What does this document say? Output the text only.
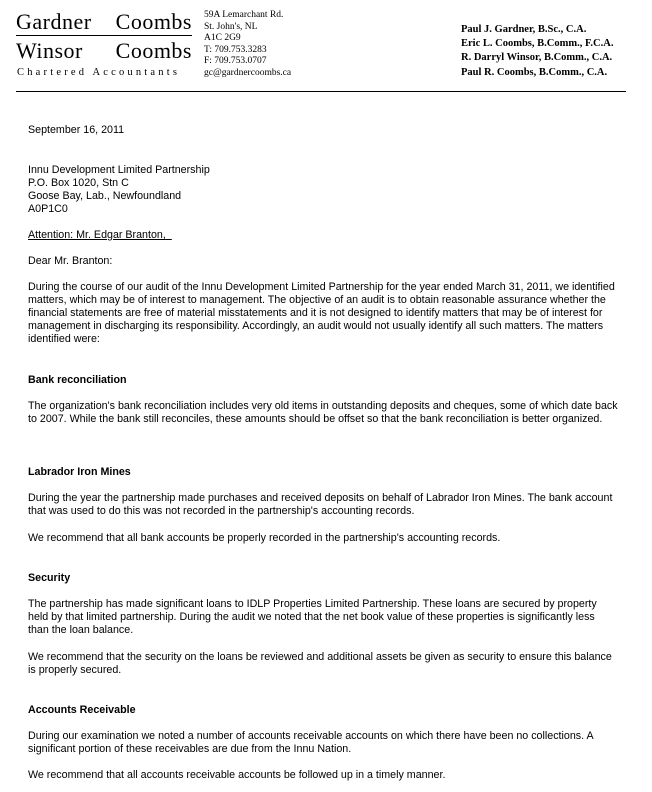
Gardner Coombs
Winsor Coombs
Chartered Accountants
59A Lemarchant Rd.
St. John's, NL
A1C 2G9
T: 709.753.3283
F: 709.753.0707
gc@gardnercoombs.ca
Paul J. Gardner, B.Sc., C.A.
Eric L. Coombs, B.Comm., F.C.A.
R. Darryl Winsor, B.Comm., C.A.
Paul R. Coombs, B.Comm., C.A.
September 16, 2011
Innu Development Limited Partnership
P.O. Box 1020, Stn C
Goose Bay, Lab., Newfoundland
A0P1C0
Attention: Mr. Edgar Branton,
Dear Mr. Branton:
During the course of our audit of the Innu Development Limited Partnership for the year ended March 31, 2011, we identified matters, which may be of interest to management. The objective of an audit is to obtain reasonable assurance whether the financial statements are free of material misstatements and it is not designed to identify matters that may be of interest for management in discharging its responsibility. Accordingly, an audit would not usually identify all such matters. The matters identified were:
Bank reconciliation
The organization's bank reconciliation includes very old items in outstanding deposits and cheques, some of which date back to 2007. While the bank still reconciles, these amounts should be offset so that the bank reconciliation is better organized.
Labrador Iron Mines
During the year the partnership made purchases and received deposits on behalf of Labrador Iron Mines. The bank account that was used to do this was not recorded in the partnership's accounting records.
We recommend that all bank accounts be properly recorded in the partnership's accounting records.
Security
The partnership has made significant loans to IDLP Properties Limited Partnership. These loans are secured by property held by that limited partnership. During the audit we noted that the net book value of these properties is significantly less than the loan balance.
We recommend that the security on the loans be reviewed and additional assets be given as security to ensure this balance is properly secured.
Accounts Receivable
During our examination we noted a number of accounts receivable accounts on which there have been no collections. A significant portion of these receivables are due from the Innu Nation.
We recommend that all accounts receivable accounts be followed up in a timely manner.
